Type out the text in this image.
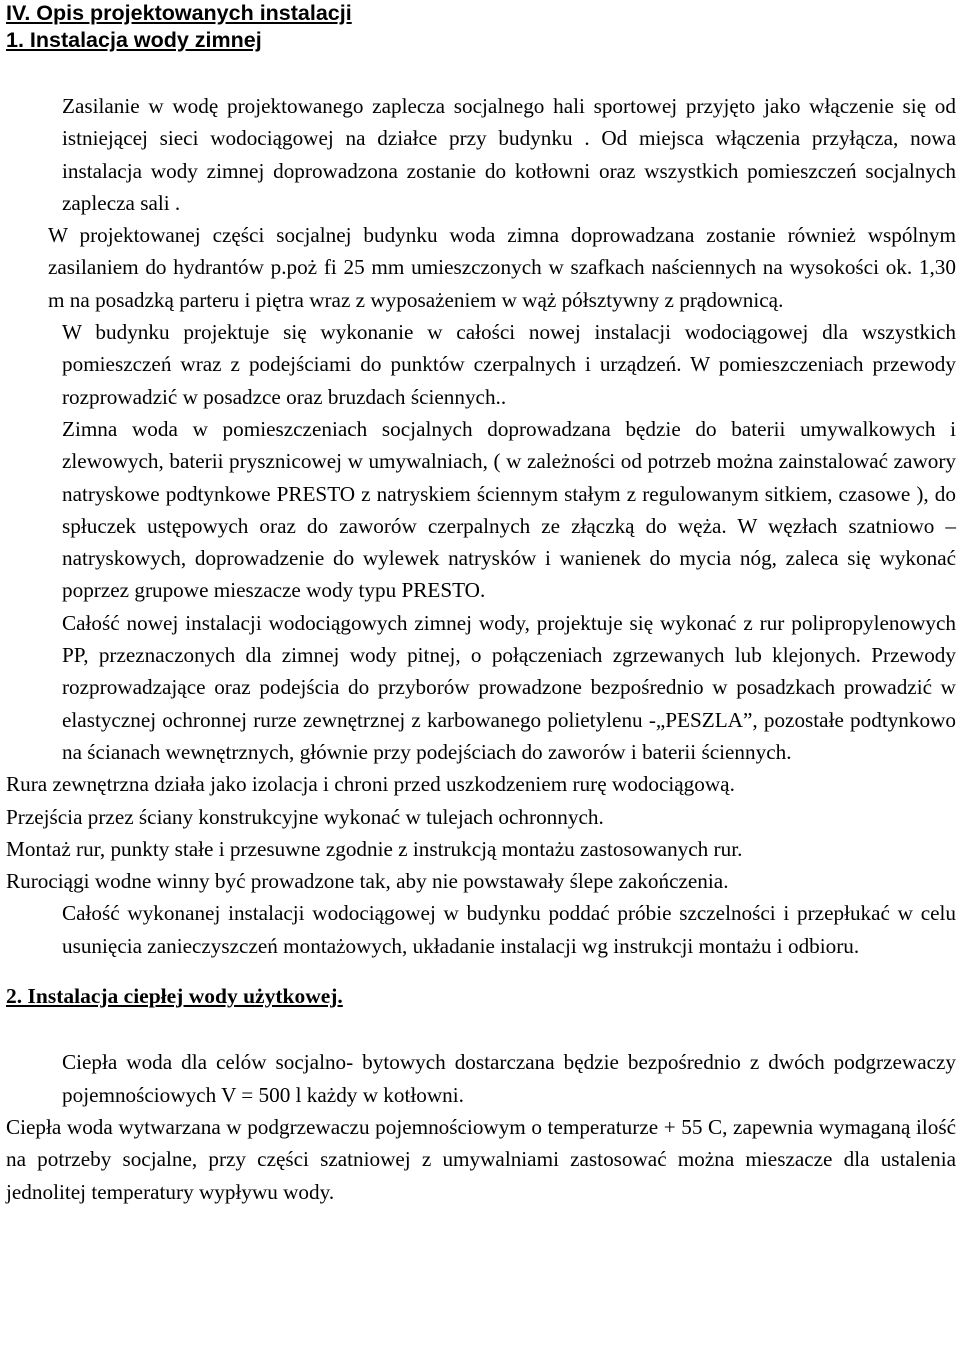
IV. Opis projektowanych instalacji
1. Instalacja wody zimnej

Zasilanie w wodę projektowanego zaplecza socjalnego hali sportowej przyjęto jako włączenie się od istniejącej sieci wodociągowej na działce przy budynku . Od miejsca włączenia przyłącza, nowa instalacja wody zimnej doprowadzona zostanie do kotłowni oraz wszystkich pomieszczeń socjalnych zaplecza sali .

W projektowanej części socjalnej budynku woda zimna doprowadzana zostanie również wspólnym zasilaniem do hydrantów p.poż fi 25 mm umieszczonych w szafkach naściennych na wysokości ok. 1,30 m na posadzką parteru i piętra wraz z wyposażeniem w wąż półsztywny z prądownicą.

W budynku projektuje się wykonanie w całości nowej instalacji wodociągowej dla wszystkich pomieszczeń wraz z podejściami do punktów czerpalnych i urządzeń. W pomieszczeniach przewody rozprowadzić w posadzce oraz bruzdach ściennych..

Zimna woda w pomieszczeniach socjalnych doprowadzana będzie do baterii umywalkowych i zlewowych, baterii prysznicowej w umywalniach, ( w zależności od potrzeb można zainstalować zawory natryskowe podtynkowe PRESTO z natryskiem ściennym stałym z regulowanym sitkiem, czasowe ), do spłuczek ustępowych oraz do zaworów czerpalnych ze złączką do węża. W węzłach szatniowo – natryskowych, doprowadzenie do wylewek natrysków i wanienek do mycia nóg, zaleca się wykonać poprzez grupowe mieszacze wody typu PRESTO.

Całość nowej instalacji wodociągowych zimnej wody, projektuje się wykonać z rur polipropylenowych PP, przeznaczonych dla zimnej wody pitnej, o połączeniach zgrzewanych lub klejonych. Przewody rozprowadzające oraz podejścia do przyborów prowadzone bezpośrednio w posadzkach prowadzić w elastycznej ochronnej rurze zewnętrznej z karbowanego polietylenu -„PESZLA”, pozostałe podtynkowo na ścianach wewnętrznych, głównie przy podejściach do zaworów i baterii ściennych.

Rura zewnętrzna działa jako izolacja i chroni przed uszkodzeniem rurę wodociągową.

Przejścia przez ściany konstrukcyjne wykonać w tulejach ochronnych.

Montaż rur, punkty stałe i przesuwne zgodnie z instrukcją montażu zastosowanych rur.

Rurociągi wodne winny być prowadzone tak, aby nie powstawały ślepe zakończenia.

Całość wykonanej instalacji wodociągowej w budynku poddać próbie szczelności i przepłukać w celu usunięcia zanieczyszczeń montażowych, układanie instalacji wg instrukcji montażu i odbioru.

2. Instalacja ciepłej wody użytkowej.

Ciepła woda dla celów socjalno- bytowych dostarczana będzie bezpośrednio z dwóch podgrzewaczy pojemnościowych V = 500 l każdy w kotłowni.

Ciepła woda wytwarzana w podgrzewaczu pojemnościowym o temperaturze + 55 C, zapewnia wymaganą ilość na potrzeby socjalne, przy części szatniowej z umywalniami zastosować można mieszacze dla ustalenia jednolitej temperatury wypływu wody.
